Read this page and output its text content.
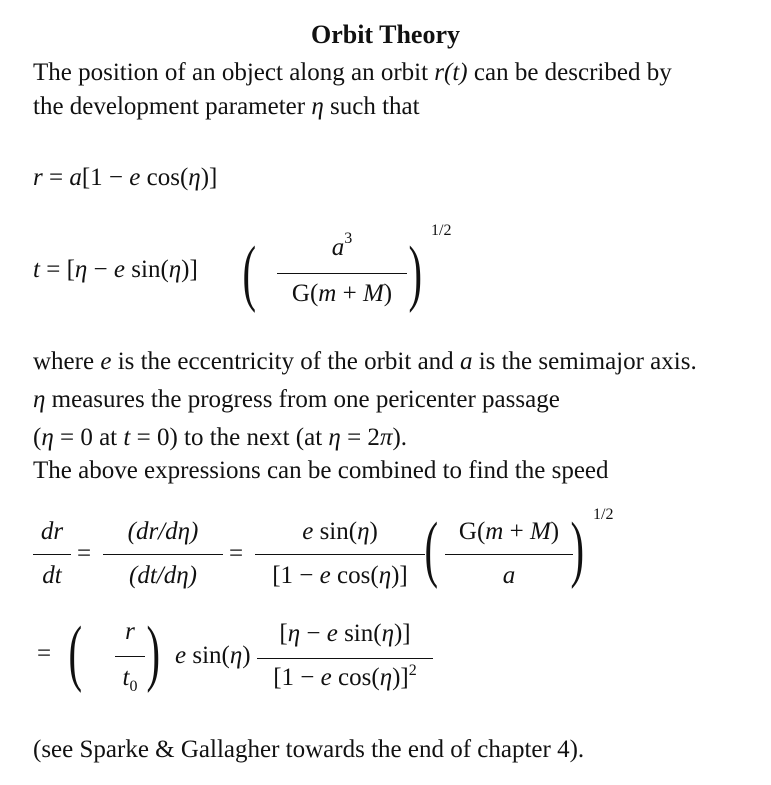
Orbit Theory
The position of an object along an orbit r(t) can be described by
the development parameter η such that
r = a[1 − e cos(η)]
t = [η − e sin(η)] (	$a^3$
G(m + M) )
1/2
where e is the eccentricity of the orbit and a is the semimajor axis.
η measures the progress from one pericenter passage
(η = 0 at t = 0) to the next (at η = 2π).
The above expressions can be combined to find the speed
dr
dt
=
(dr/dη)
(dt/dη)
=
e sin(η)
[1 − e cos(η)] ( G(m + M)
a ) 1/2
= (	r
$t_0$ ) e sin(η)
[η − e sin(η)]
[1 − e cos(η)]$^2$
(see Sparke & Gallagher towards the end of chapter 4).
